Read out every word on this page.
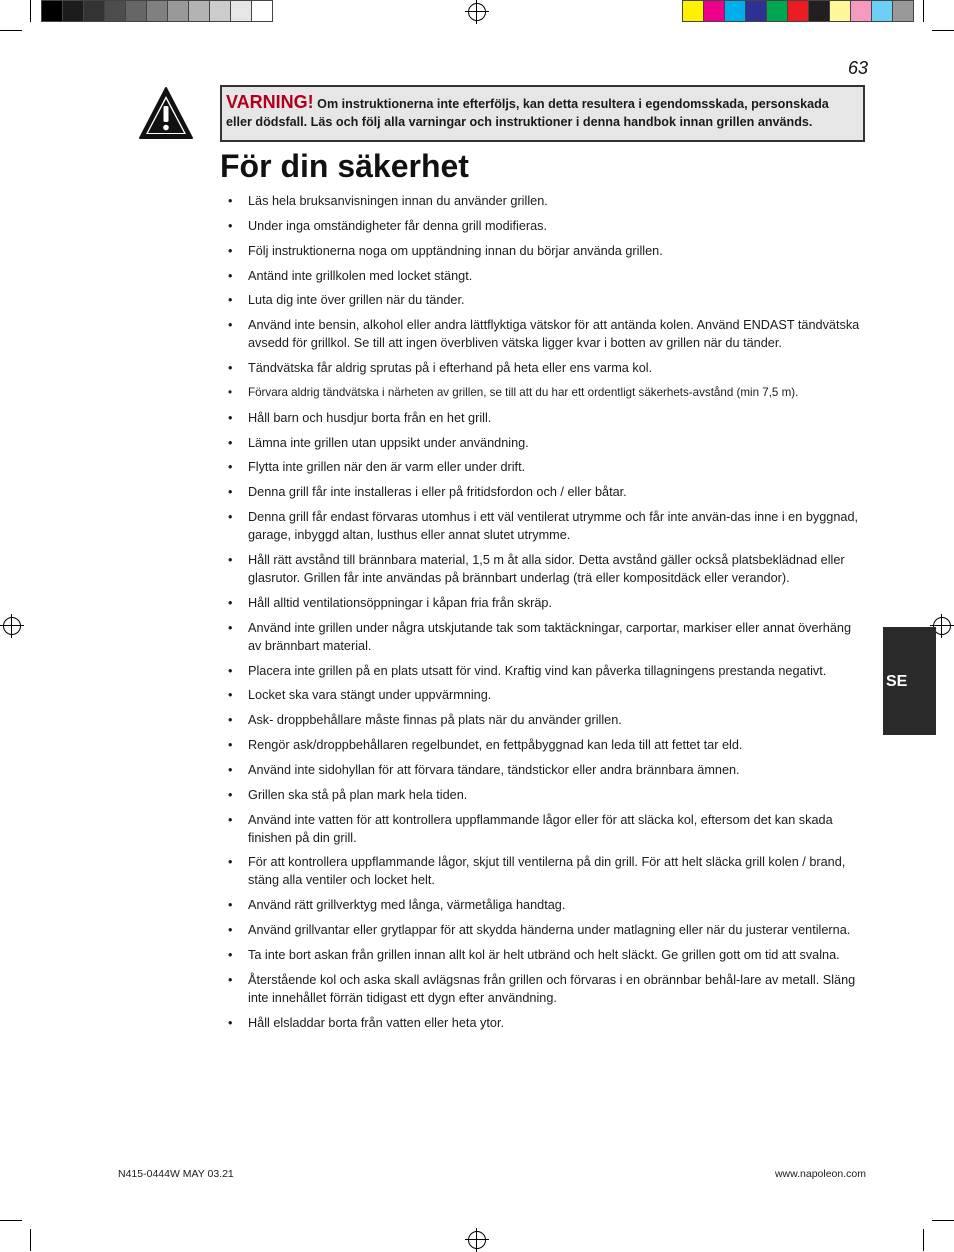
63
VARNING! Om instruktionerna inte efterföljs, kan detta resultera i egendomsskada, personskada eller dödsfall. Läs och följ alla varningar och instruktioner i denna handbok innan grillen används.
För din säkerhet
• Läs hela bruksanvisningen innan du använder grillen.
• Under inga omständigheter får denna grill modifieras.
• Följ instruktionerna noga om upptändning innan du börjar använda grillen.
• Antänd inte grillkolen med locket stängt.
• Luta dig inte över grillen när du tänder.
• Använd inte bensin, alkohol eller andra lättflyktiga vätskor för att antända kolen. Använd ENDAST tändvätska avsedd för grillkol. Se till att ingen överbliven vätska ligger kvar i botten av grillen när du tänder.
• Tändvätska får aldrig sprutas på i efterhand på heta eller ens varma kol.
• Förvara aldrig tändvätska i närheten av grillen, se till att du har ett ordentligt säkerhets-avstånd (min 7,5 m).
• Håll barn och husdjur borta från en het grill.
• Lämna inte grillen utan uppsikt under användning.
• Flytta inte grillen när den är varm eller under drift.
• Denna grill får inte installeras i eller på fritidsfordon och / eller båtar.
• Denna grill får endast förvaras utomhus i ett väl ventilerat utrymme och får inte använ-das inne i en byggnad, garage, inbyggd altan, lusthus eller annat slutet utrymme.
• Håll rätt avstånd till brännbara material, 1,5 m åt alla sidor. Detta avstånd gäller också platsbeklädnad eller glasrutor. Grillen får inte användas på brännbart underlag (trä eller kompositdäck eller verandor).
• Håll alltid ventilationsöppningar i kåpan fria från skräp.
• Använd inte grillen under några utskjutande tak som taktäckningar, carportar, markiser eller annat överhäng av brännbart material.
• Placera inte grillen på en plats utsatt för vind. Kraftig vind kan påverka tillagningens prestanda negativt.
• Locket ska vara stängt under uppvärmning.
• Ask- droppbehållare måste finnas på plats när du använder grillen.
• Rengör ask/droppbehållaren regelbundet, en fettpåbyggnad kan leda till att fettet tar eld.
• Använd inte sidohyllan för att förvara tändare, tändstickor eller andra brännbara ämnen.
• Grillen ska stå på plan mark hela tiden.
• Använd inte vatten för att kontrollera uppflammande lågor eller för att släcka kol, eftersom det kan skada finishen på din grill.
• För att kontrollera uppflammande lågor, skjut till ventilerna på din grill. För att helt släcka grill kolen / brand, stäng alla ventiler och locket helt.
• Använd rätt grillverktyg med långa, värmetåliga handtag.
• Använd grillvantar eller grytlappar för att skydda händerna under matlagning eller när du justerar ventilerna.
• Ta inte bort askan från grillen innan allt kol är helt utbränd och helt släckt. Ge grillen gott om tid att svalna.
• Återstående kol och aska skall avlägsnas från grillen och förvaras i en obrännbar behål-lare av metall. Släng inte innehållet förrän tidigast ett dygn efter användning.
• Håll elsladdar borta från vatten eller heta ytor.
SE
N415-0444W MAY 03.21	www.napoleon.com
